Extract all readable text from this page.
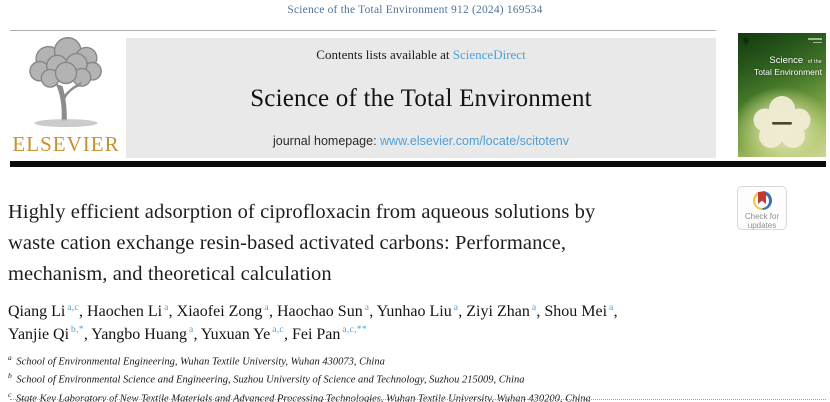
Science of the Total Environment 912 (2024) 169534
ELSEVIER
Contents lists available at ScienceDirect
Science of the Total Environment
journal homepage: www.elsevier.com/locate/scitotenv
Science of the
Total Environment
Check for
updates
Highly efficient adsorption of ciprofloxacin from aqueous solutions by
waste cation exchange resin-based activated carbons: Performance,
mechanism, and theoretical calculation
Qiang Li $^{a,c}$, Haochen Li $^a$, Xiaofei Zong $^a$, Haochao Sun $^a$, Yunhao Liu $^a$, Ziyi Zhan $^a$, Shou Mei $^a$,
Yanjie Qi $^{b,*}$, Yangbo Huang $^a$, Yuxuan Ye $^{a,c}$, Fei Pan $^{a,c,**}$
$^a$ School of Environmental Engineering, Wuhan Textile University, Wuhan 430073, China
$^b$ School of Environmental Science and Engineering, Suzhou University of Science and Technology, Suzhou 215009, China
$^c$ State Key Laboratory of New Textile Materials and Advanced Processing Technologies, Wuhan Textile University, Wuhan 430200, China
